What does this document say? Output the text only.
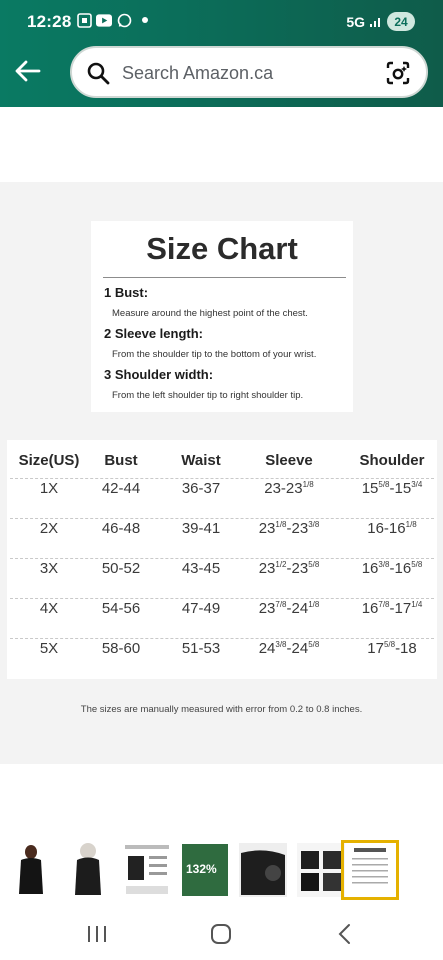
12:28	5G	24
Search Amazon.ca
Size Chart
1 Bust:
Measure around the highest point of the chest.
2 Sleeve length:
From the shoulder tip to the bottom of your wrist.
3 Shoulder width:
From the left shoulder tip to right shoulder tip.
Size(US)	Bust	Waist	Sleeve	Shoulder
1X	42-44	36-37	$23-23^{1/8}$	$15^{5/8}-15^{3/4}$
2X	46-48	39-41	$23^{1/8}-23^{3/8}$	$16-16^{1/8}$
3X	50-52	43-45	$23^{1/2}-23^{5/8}$	$16^{3/8}-16^{5/8}$
4X	54-56	47-49	$23^{7/8}-24^{1/8}$	$16^{7/8}-17^{1/4}$
5X	58-60	51-53	$24^{3/8}-24^{5/8}$	$17^{5/8}-18$
The sizes are manually measured with error from 0.2 to 0.8 inches.
132%
